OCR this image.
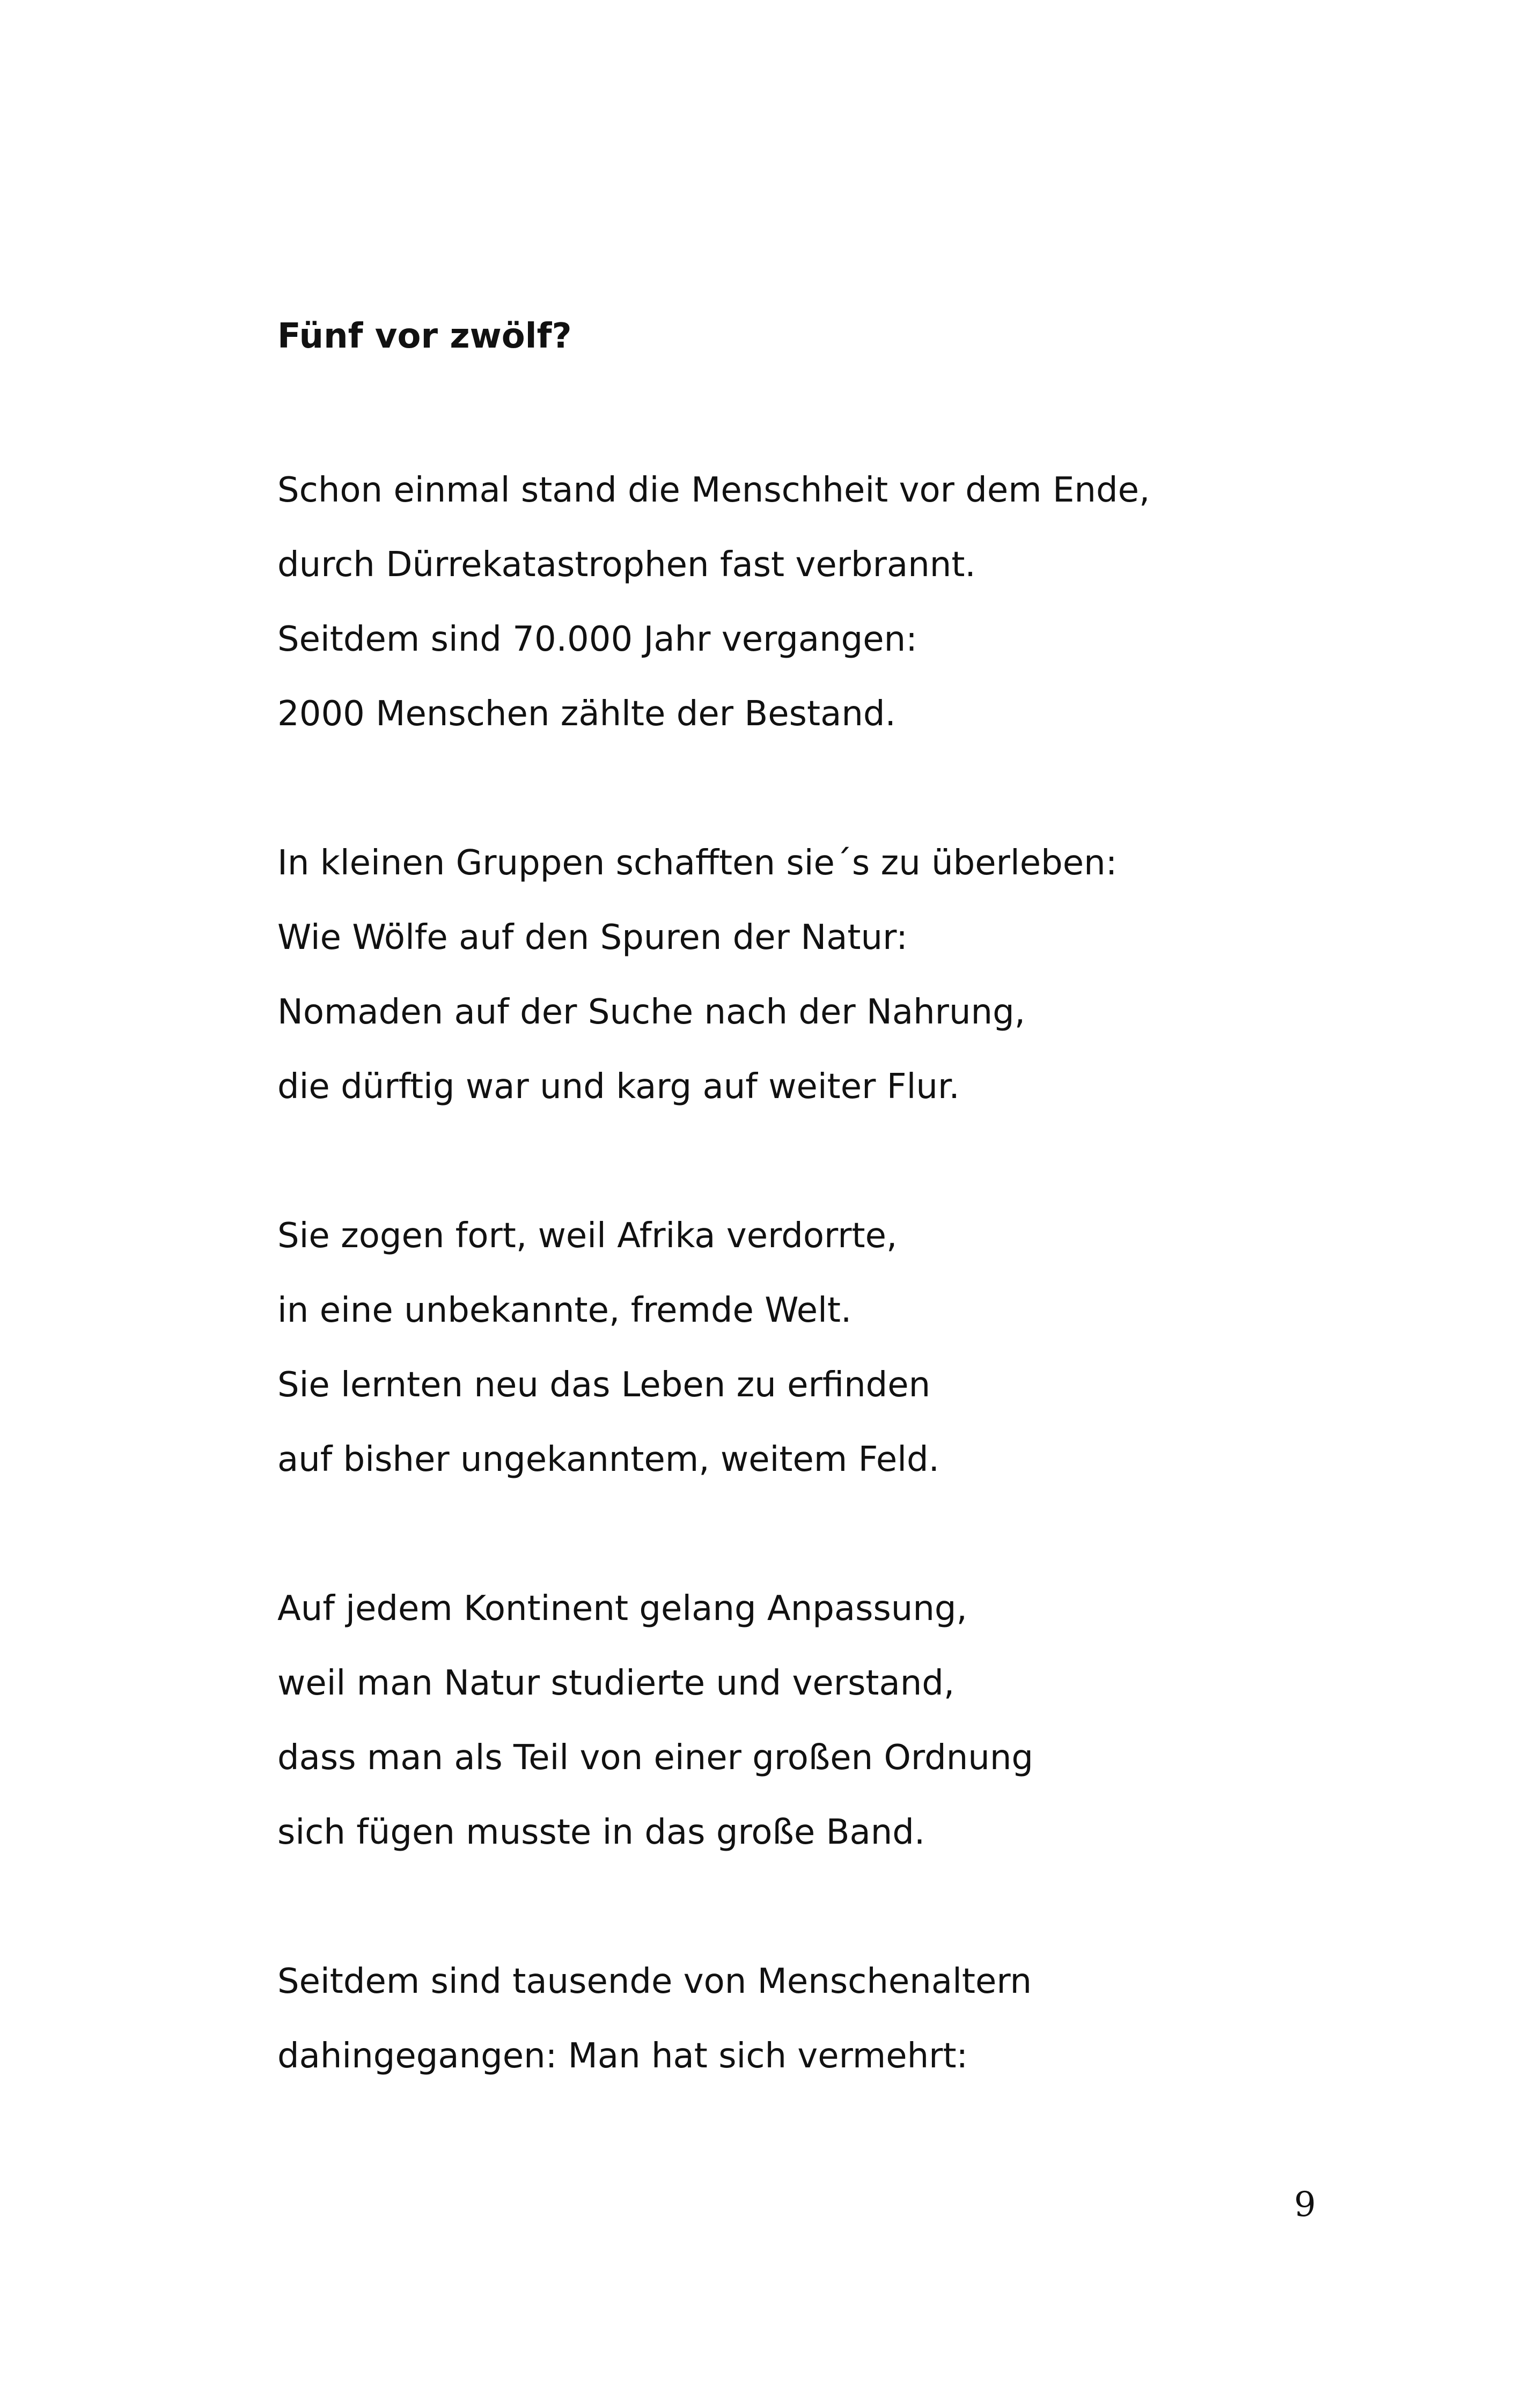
Fünf vor zwölf?
Schon einmal stand die Menschheit vor dem Ende,
durch Dürrekatastrophen fast verbrannt.
Seitdem sind 70.000 Jahr vergangen:
2000 Menschen zählte der Bestand.
In kleinen Gruppen schafften sie´s zu überleben:
Wie Wölfe auf den Spuren der Natur:
Nomaden auf der Suche nach der Nahrung,
die dürftig war und karg auf weiter Flur.
Sie zogen fort, weil Afrika verdorrte,
in eine unbekannte, fremde Welt.
Sie lernten neu das Leben zu erfinden
auf bisher ungekanntem, weitem Feld.
Auf jedem Kontinent gelang Anpassung,
weil man Natur studierte und verstand,
dass man als Teil von einer großen Ordnung
sich fügen musste in das große Band.
Seitdem sind tausende von Menschenaltern
dahingegangen: Man hat sich vermehrt:
9
